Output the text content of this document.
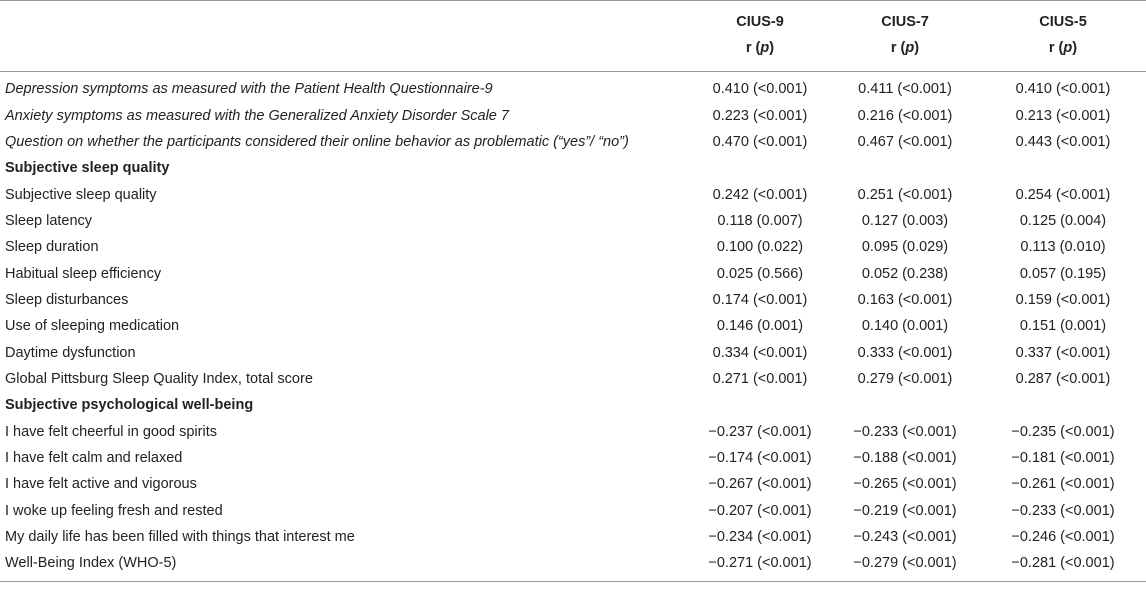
	CIUS-9	CIUS-7	CIUS-5
	r (p)	r (p)	r (p)
Depression symptoms as measured with the Patient Health Questionnaire-9	0.410 (<0.001)	0.411 (<0.001)	0.410 (<0.001)
Anxiety symptoms as measured with the Generalized Anxiety Disorder Scale 7	0.223 (<0.001)	0.216 (<0.001)	0.213 (<0.001)
Question on whether the participants considered their online behavior as problematic (“yes”/ “no”)	0.470 (<0.001)	0.467 (<0.001)	0.443 (<0.001)
Subjective sleep quality			
Subjective sleep quality	0.242 (<0.001)	0.251 (<0.001)	0.254 (<0.001)
Sleep latency	0.118 (0.007)	0.127 (0.003)	0.125 (0.004)
Sleep duration	0.100 (0.022)	0.095 (0.029)	0.113 (0.010)
Habitual sleep efficiency	0.025 (0.566)	0.052 (0.238)	0.057 (0.195)
Sleep disturbances	0.174 (<0.001)	0.163 (<0.001)	0.159 (<0.001)
Use of sleeping medication	0.146 (0.001)	0.140 (0.001)	0.151 (0.001)
Daytime dysfunction	0.334 (<0.001)	0.333 (<0.001)	0.337 (<0.001)
Global Pittsburg Sleep Quality Index, total score	0.271 (<0.001)	0.279 (<0.001)	0.287 (<0.001)
Subjective psychological well-being			
I have felt cheerful in good spirits	−0.237 (<0.001)	−0.233 (<0.001)	−0.235 (<0.001)
I have felt calm and relaxed	−0.174 (<0.001)	−0.188 (<0.001)	−0.181 (<0.001)
I have felt active and vigorous	−0.267 (<0.001)	−0.265 (<0.001)	−0.261 (<0.001)
I woke up feeling fresh and rested	−0.207 (<0.001)	−0.219 (<0.001)	−0.233 (<0.001)
My daily life has been filled with things that interest me	−0.234 (<0.001)	−0.243 (<0.001)	−0.246 (<0.001)
Well-Being Index (WHO-5)	−0.271 (<0.001)	−0.279 (<0.001)	−0.281 (<0.001)
